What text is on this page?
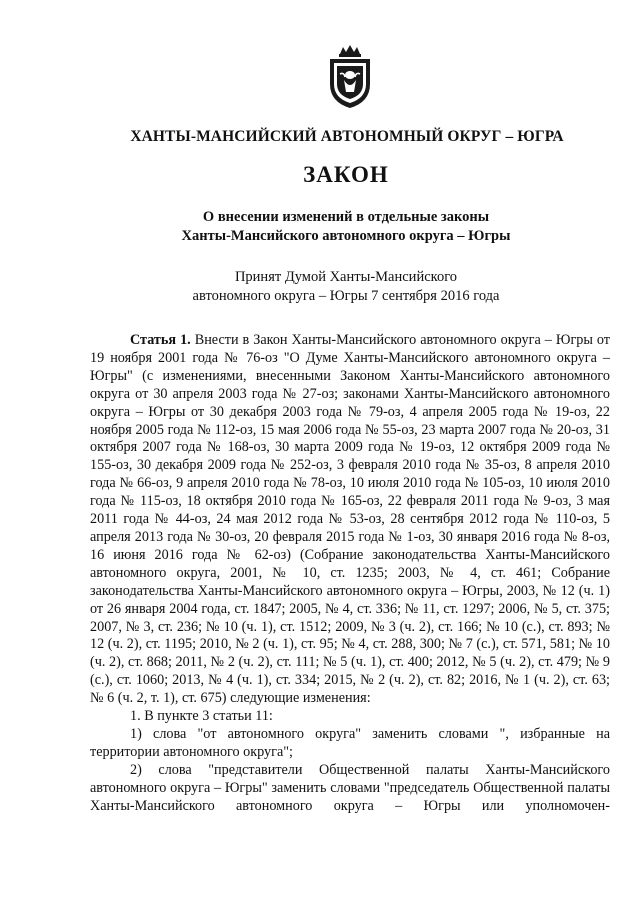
ХАНТЫ-МАНСИЙСКИЙ АВТОНОМНЫЙ ОКРУГ – ЮГРА
ЗАКОН
О внесении изменений в отдельные законы
Ханты-Мансийского автономного округа – Югры
Принят Думой Ханты-Мансийского
автономного округа – Югры 7 сентября 2016 года
Статья 1. Внести в Закон Ханты-Мансийского автономного округа – Югры от 19 ноября 2001 года № 76-оз "О Думе Ханты-Мансийского автономного округа – Югры" (с изменениями, внесенными Законом Ханты-Мансийского автономного округа от 30 апреля 2003 года № 27-оз; законами Ханты-Мансийского автономного округа – Югры от 30 декабря 2003 года № 79-оз, 4 апреля 2005 года № 19-оз, 22 ноября 2005 года № 112-оз, 15 мая 2006 года № 55-оз, 23 марта 2007 года № 20-оз, 31 октября 2007 года № 168-оз, 30 марта 2009 года № 19-оз, 12 октября 2009 года № 155-оз, 30 декабря 2009 года № 252-оз, 3 февраля 2010 года № 35-оз, 8 апреля 2010 года № 66-оз, 9 апреля 2010 года № 78-оз, 10 июля 2010 года № 105-оз, 10 июля 2010 года № 115-оз, 18 октября 2010 года № 165-оз, 22 февраля 2011 года № 9-оз, 3 мая 2011 года № 44-оз, 24 мая 2012 года № 53-оз, 28 сентября 2012 года № 110-оз, 5 апреля 2013 года № 30-оз, 20 февраля 2015 года № 1-оз, 30 января 2016 года № 8-оз, 16 июня 2016 года № 62-оз) (Собрание законодательства Ханты-Мансийского автономного округа, 2001, № 10, ст. 1235; 2003, № 4, ст. 461; Собрание законодательства Ханты-Мансийского автономного округа – Югры, 2003, № 12 (ч. 1) от 26 января 2004 года, ст. 1847; 2005, № 4, ст. 336; № 11, ст. 1297; 2006, № 5, ст. 375; 2007, № 3, ст. 236; № 10 (ч. 1), ст. 1512; 2009, № 3 (ч. 2), ст. 166; № 10 (с.), ст. 893; № 12 (ч. 2), ст. 1195; 2010, № 2 (ч. 1), ст. 95; № 4, ст. 288, 300; № 7 (с.), ст. 571, 581; № 10 (ч. 2), ст. 868; 2011, № 2 (ч. 2), ст. 111; № 5 (ч. 1), ст. 400; 2012, № 5 (ч. 2), ст. 479; № 9 (с.), ст. 1060; 2013, № 4 (ч. 1), ст. 334; 2015, № 2 (ч. 2), ст. 82; 2016, № 1 (ч. 2), ст. 63; № 6 (ч. 2, т. 1), ст. 675) следующие изменения:
1. В пункте 3 статьи 11:
1) слова "от автономного округа" заменить словами ", избранные на территории автономного округа";
2) слова "представители Общественной палаты Ханты-Мансийского автономного округа – Югры" заменить словами "председатель Общественной палаты Ханты-Мансийского автономного округа – Югры или уполномочен-
